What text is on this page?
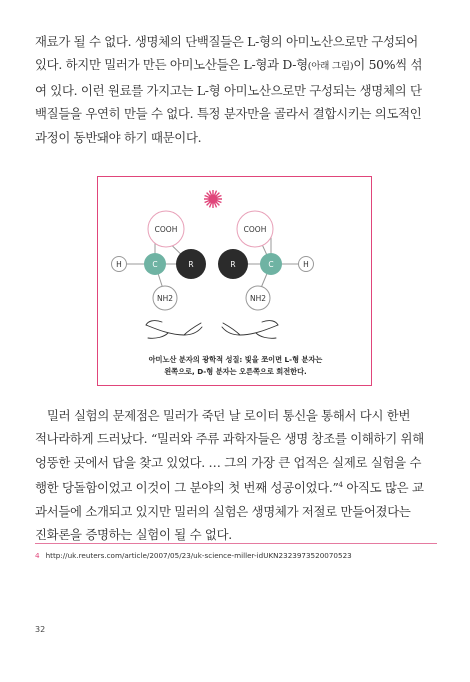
재료가 될 수 없다. 생명체의 단백질들은 L-형의 아미노산으로만 구성되어
있다. 하지만 밀러가 만든 아미노산들은 L-형과 D-형(아래 그림)이 50%씩 섞
여 있다. 이런 원료를 가지고는 L-형 아미노산으로만 구성되는 생명체의 단
백질들을 우연히 만들 수 없다. 특정 분자만을 골라서 결합시키는 의도적인
과정이 동반돼야 하기 때문이다.
COOH
H	C	R
NH2
COOH
R	C	H
NH2
아미노산 분자의 광학적 성질: 빛을 쪼이면 L-형 분자는
왼쪽으로, D-형 분자는 오른쪽으로 회전한다.
밀러 실험의 문제점은 밀러가 죽던 날 로이터 통신을 통해서 다시 한번
적나라하게 드러났다. “밀러와 주류 과학자들은 생명 창조를 이해하기 위해
엉뚱한 곳에서 답을 찾고 있었다. … 그의 가장 큰 업적은 실제로 실험을 수
행한 당돌함이었고 이것이 그 분야의 첫 번째 성공이었다.”$^4$ 아직도 많은 교
과서들에 소개되고 있지만 밀러의 실험은 생명체가 저절로 만들어졌다는
진화론을 증명하는 실험이 될 수 없다.
4 http://uk.reuters.com/article/2007/05/23/uk-science-miller-idUKN2323973520070523
32
